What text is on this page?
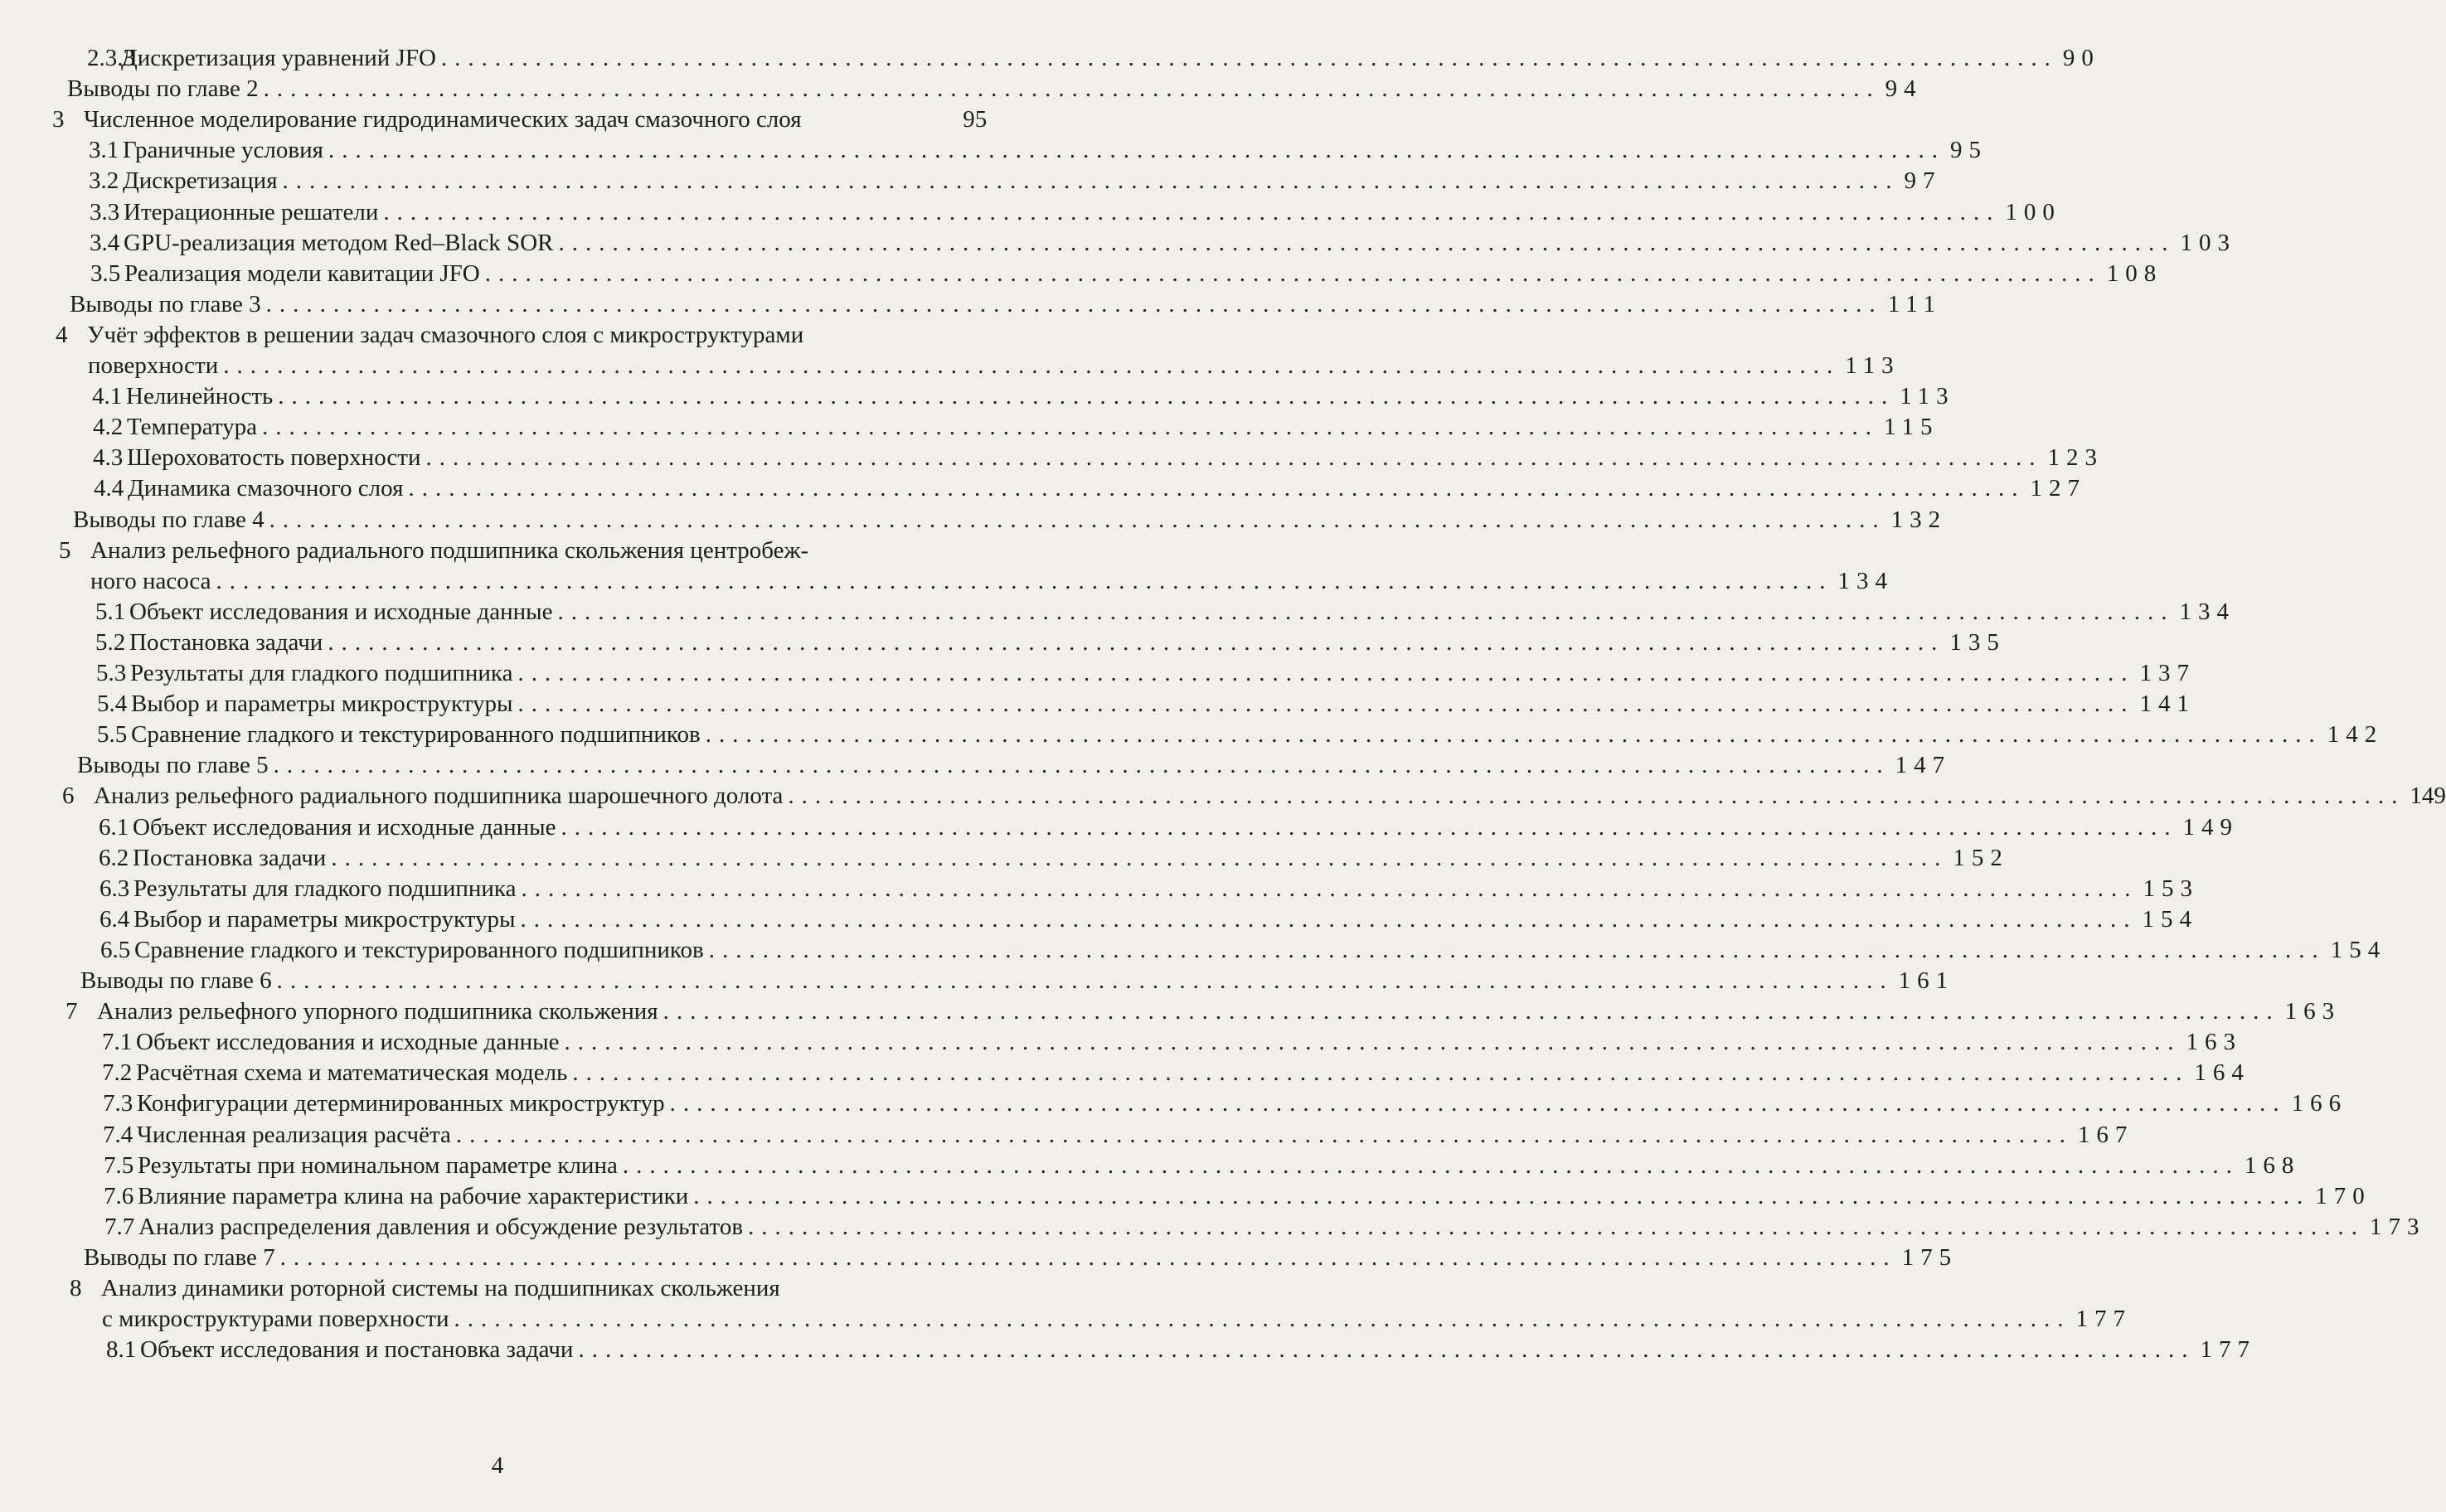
2.3.3
Дискретизация уравнений JFO ........................................................................................................................ 90
Выводы по главе 2 ........................................................................................................................ 94
3 Численное моделирование гидродинамических задач смазочного слоя	95
3.1 Граничные условия ........................................................................................................................ 95
3.2 Дискретизация ........................................................................................................................ 97
3.3 Итерационные решатели ........................................................................................................................ 100
3.4 GPU-реализация методом Red–Black SOR ........................................................................................................................ 103
3.5 Реализация модели кавитации JFO ........................................................................................................................ 108
Выводы по главе 3 ........................................................................................................................ 111
4 Учёт эффектов в решении задач смазочного слоя с микроструктурами
поверхности ........................................................................................................................ 113
4.1 Нелинейность ........................................................................................................................ 113
4.2 Температура ........................................................................................................................ 115
4.3 Шероховатость поверхности ........................................................................................................................ 123
4.4 Динамика смазочного слоя ........................................................................................................................ 127
Выводы по главе 4 ........................................................................................................................ 132
5 Анализ рельефного радиального подшипника скольжения центробеж-
ного насоса ........................................................................................................................ 134
5.1 Объект исследования и исходные данные ........................................................................................................................ 134
5.2 Постановка задачи ........................................................................................................................ 135
5.3 Результаты для гладкого подшипника ........................................................................................................................ 137
5.4 Выбор и параметры микроструктуры ........................................................................................................................ 141
5.5 Сравнение гладкого и текстурированного подшипников ........................................................................................................................ 142
Выводы по главе 5 ........................................................................................................................ 147
6 Анализ рельефного радиального подшипника шарошечного долота ........................................................................................................................ 149
6.1 Объект исследования и исходные данные ........................................................................................................................ 149
6.2 Постановка задачи ........................................................................................................................ 152
6.3 Результаты для гладкого подшипника ........................................................................................................................ 153
6.4 Выбор и параметры микроструктуры ........................................................................................................................ 154
6.5 Сравнение гладкого и текстурированного подшипников ........................................................................................................................ 154
Выводы по главе 6 ........................................................................................................................ 161
7 Анализ рельефного упорного подшипника скольжения ........................................................................................................................ 163
7.1 Объект исследования и исходные данные ........................................................................................................................ 163
7.2 Расчётная схема и математическая модель ........................................................................................................................ 164
7.3 Конфигурации детерминированных микроструктур ........................................................................................................................ 166
7.4 Численная реализация расчёта ........................................................................................................................ 167
7.5 Результаты при номинальном параметре клина ........................................................................................................................ 168
7.6 Влияние параметра клина на рабочие характеристики ........................................................................................................................ 170
7.7 Анализ распределения давления и обсуждение результатов ........................................................................................................................ 173
Выводы по главе 7 ........................................................................................................................ 175
8 Анализ динамики роторной системы на подшипниках скольжения
с микроструктурами поверхности ........................................................................................................................ 177
8.1 Объект исследования и постановка задачи ........................................................................................................................ 177
4
